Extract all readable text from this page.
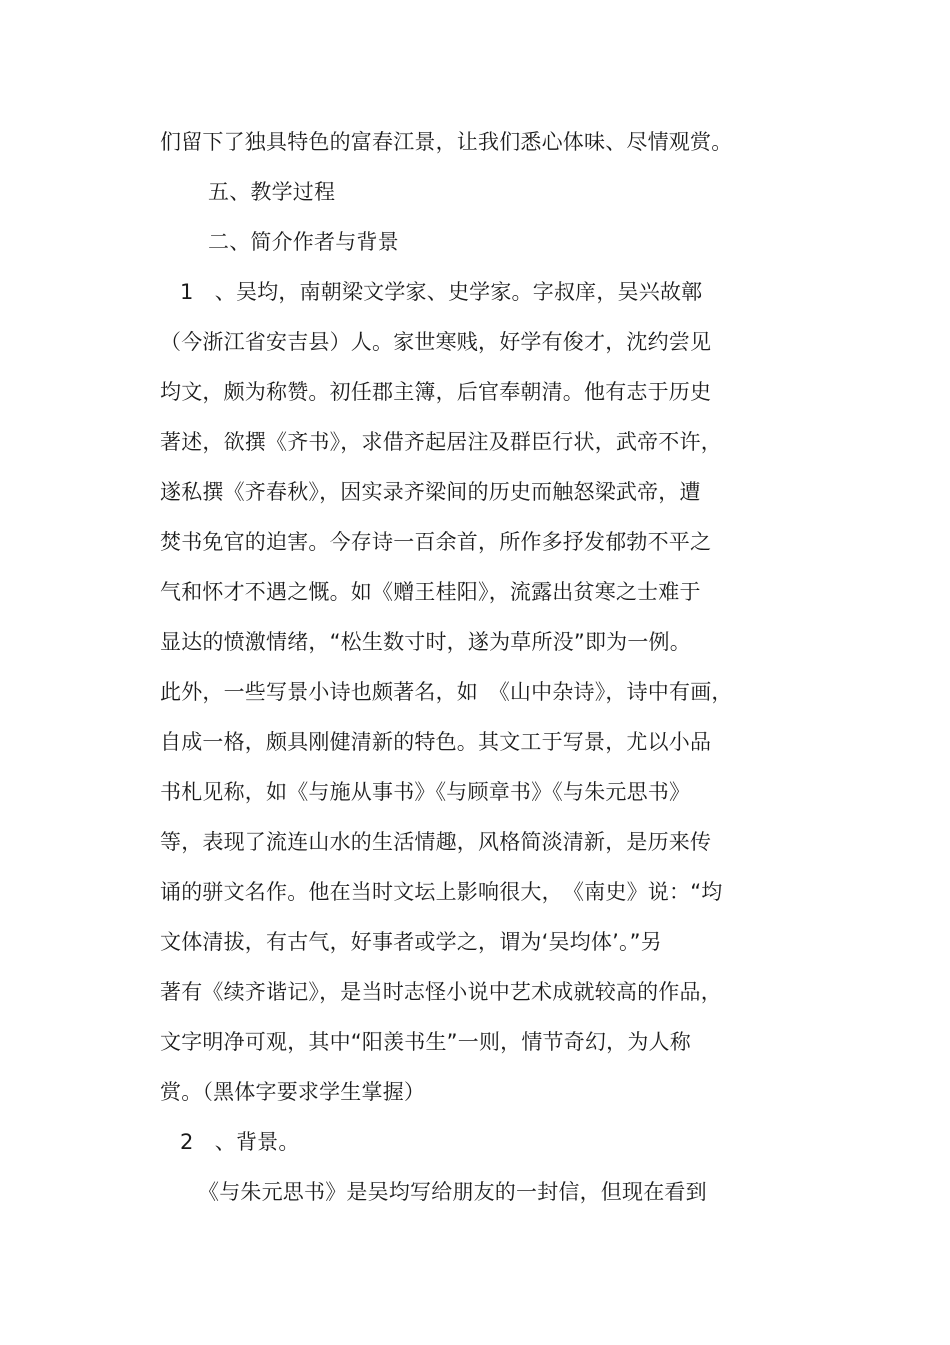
们留下了独具特色的富春江景，让我们悉心体味、尽情观赏。
五、教学过程
二、简介作者与背景
1　、吴均，南朝梁文学家、史学家。字叔庠，吴兴故鄣
（今浙江省安吉县）人。家世寒贱，好学有俊才，沈约尝见
均文，颇为称赞。初任郡主簿，后官奉朝清。他有志于历史
著述，欲撰《齐书》，求借齐起居注及群臣行状，武帝不许，
遂私撰《齐春秋》，因实录齐梁间的历史而触怒梁武帝，遭
焚书免官的迫害。今存诗一百余首，所作多抒发郁勃不平之
气和怀才不遇之慨。如《赠王桂阳》，流露出贫寒之士难于
显达的愤激情绪，“松生数寸时，遂为草所没”即为一例。
此外，一些写景小诗也颇著名，如　《山中杂诗》，诗中有画，
自成一格，颇具刚健清新的特色。其文工于写景，尤以小品
书札见称，如《与施从事书》《与顾章书》《与朱元思书》
等，表现了流连山水的生活情趣，风格简淡清新，是历来传
诵的骈文名作。他在当时文坛上影响很大，　《南史》说：“均
文体清拔，有古气，好事者或学之，谓为‘吴均体’。”另
著有《续齐谐记》，是当时志怪小说中艺术成就较高的作品，
文字明净可观，其中“阳羡书生”一则，情节奇幻，为人称
赏。（黑体字要求学生掌握）
2　、背景。
《与朱元思书》是吴均写给朋友的一封信，但现在看到
